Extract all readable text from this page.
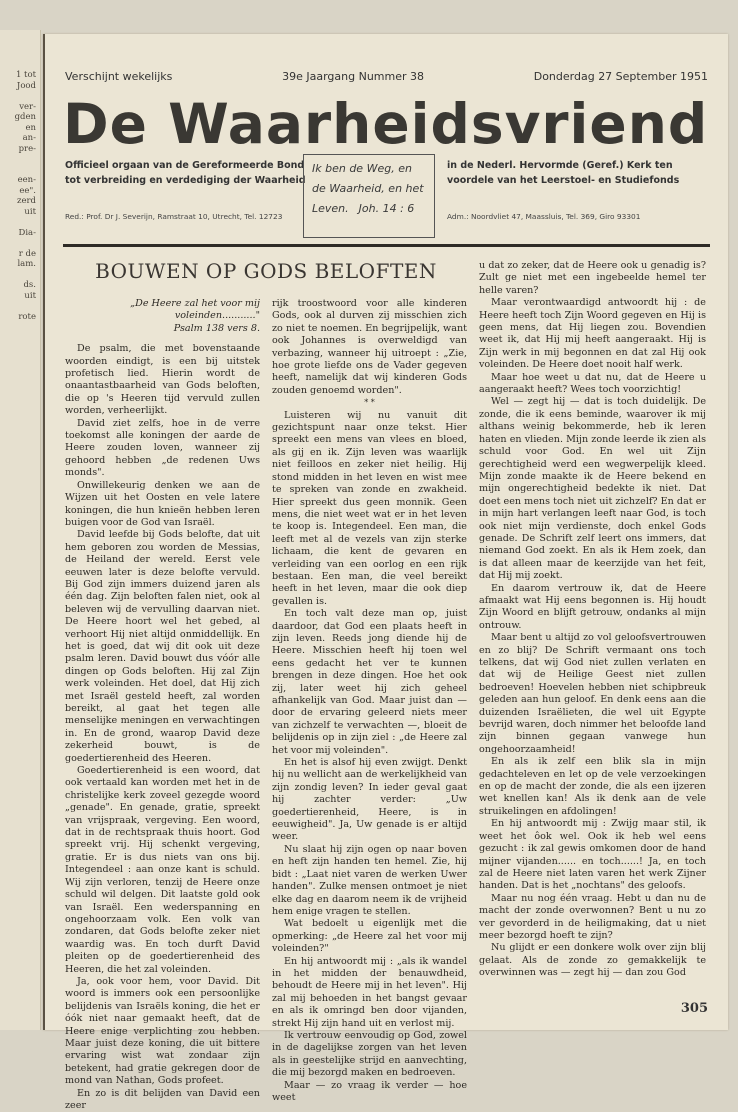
1 tot
Jood
ver-
gden
en
an-
pre-
een-
ee".
zerd
uit
Dia-
r de
lam.
ds.
uit
rote
Verschijnt wekelijks	39e Jaargang Nummer 38	Donderdag 27 September 1951
De Waarheidsvriend
Officieel orgaan van de Gereformeerde Bond tot verbreiding en verdediging der Waarheid
Ik ben de Weg, en
de Waarheid, en het
Leven. Joh. 14 : 6
in de Nederl. Hervormde (Geref.) Kerk ten voordele van het Leerstoel- en Studiefonds
Red.: Prof. Dr J. Severijn, Ramstraat 10, Utrecht, Tel. 12723	Adm.: Noordvliet 47, Maassluis, Tel. 369, Giro 93301
BOUWEN OP GODS BELOFTEN

„De Heere zal het voor mij
voleinden..........."

Psalm 138 vers 8.

De psalm, die met bovenstaande woorden eindigt, is een bij uitstek profetisch lied. Hierin wordt de onaantastbaarheid van Gods beloften, die op 's Heeren tijd vervuld zullen worden, verheerlijkt.

David ziet zelfs, hoe in de verre toekomst alle koningen der aarde de Heere zouden loven, wanneer zij gehoord hebben „de redenen Uws monds".

Onwillekeurig denken we aan de Wijzen uit het Oosten en vele latere koningen, die hun knieën hebben leren buigen voor de God van Israël.

David leefde bij Gods belofte, dat uit hem geboren zou worden de Messias, de Heiland der wereld. Eerst vele eeuwen later is deze belofte vervuld. Bij God zijn immers duizend jaren als één dag. Zijn beloften falen niet, ook al beleven wij de vervulling daarvan niet. De Heere hoort wel het gebed, al verhoort Hij niet altijd onmiddellijk. En het is goed, dat wij dit ook uit deze psalm leren. David bouwt dus vóór alle dingen op Gods beloften. Hij zal Zijn werk voleinden. Het doel, dat Hij zich met Israël gesteld heeft, zal worden bereikt, al gaat het tegen alle menselijke meningen en verwachtingen in. En de grond, waarop David deze zekerheid bouwt, is de goedertierenheid des Heeren.

Goedertierenheid is een woord, dat ook vertaald kan worden met het in de christelijke kerk zoveel gezegde woord „genade". En genade, gratie, spreekt van vrijspraak, vergeving. Een woord, dat in de rechtspraak thuis hoort. God spreekt vrij. Hij schenkt vergeving, gratie. Er is dus niets van ons bij. Integendeel : aan onze kant is schuld. Wij zijn verloren, tenzij de Heere onze schuld wil delgen. Dit laatste gold ook van Israël. Een wederspanning en ongehoorzaam volk. Een volk van zondaren, dat Gods belofte zeker niet waardig was. En toch durft David pleiten op de goedertierenheid des Heeren, die het zal voleinden.

Ja, ook voor hem, voor David. Dit woord is immers ook een persoonlijke belijdenis van Israëls koning, die het er óók niet naar gemaakt heeft, dat de Heere enige verplichting zou hebben. Maar juist deze koning, die uit bittere ervaring wist wat zondaar zijn betekent, had gratie gekregen door de mond van Nathan, Gods profeet.

En zo is dit belijden van David een zeer

rijk troostwoord voor alle kinderen Gods, ook al durven zij misschien zich zo niet te noemen. En begrijpelijk, want ook Johannes is overweldigd van verbazing, wanneer hij uitroept : „Zie, hoe grote liefde ons de Vader gegeven heeft, namelijk dat wij kinderen Gods zouden genoemd worden".

* *

Luisteren wij nu vanuit dit gezichtspunt naar onze tekst. Hier spreekt een mens van vlees en bloed, als gij en ik. Zijn leven was waarlijk niet feilloos en zeker niet heilig. Hij stond midden in het leven en wist mee te spreken van zonde en zwakheid. Hier spreekt dus geen monnik. Geen mens, die niet weet wat er in het leven te koop is. Integendeel. Een man, die leeft met al de vezels van zijn sterke lichaam, die kent de gevaren en verleiding van een oorlog en een rijk bestaan. Een man, die veel bereikt heeft in het leven, maar die ook diep gevallen is.

En toch valt deze man op, juist daardoor, dat God een plaats heeft in zijn leven. Reeds jong diende hij de Heere. Misschien heeft hij toen wel eens gedacht het ver te kunnen brengen in deze dingen. Hoe het ook zij, later weet hij zich geheel afhankelijk van God. Maar juist dan — door de ervaring geleerd niets meer van zichzelf te verwachten —, bloeit de belijdenis op in zijn ziel : „de Heere zal het voor mij voleinden".

En het is alsof hij even zwijgt. Denkt hij nu wellicht aan de werkelijkheid van zijn zondig leven? In ieder geval gaat hij zachter verder: „Uw goedertierenheid, Heere, is in eeuwigheid". Ja, Uw genade is er altijd weer.

Nu slaat hij zijn ogen op naar boven en heft zijn handen ten hemel. Zie, hij bidt : „Laat niet varen de werken Uwer handen". Zulke mensen ontmoet je niet elke dag en daarom neem ik de vrijheid hem enige vragen te stellen.

Wat bedoelt u eigenlijk met die opmerking: „de Heere zal het voor mij voleinden?"

En hij antwoordt mij : „als ik wandel in het midden der benauwdheid, behoudt de Heere mij in het leven". Hij zal mij behoeden in het bangst gevaar en als ik omringd ben door vijanden, strekt Hij zijn hand uit en verlost mij.

Ik vertrouw eenvoudig op God, zowel in de dagelijkse zorgen van het leven als in geestelijke strijd en aanvechting, die mij bezorgd maken en bedroeven.

Maar — zo vraag ik verder — hoe weet

u dat zo zeker, dat de Heere ook u genadig is? Zult ge niet met een ingebeelde hemel ter helle varen?

Maar verontwaardigd antwoordt hij : de Heere heeft toch Zijn Woord gegeven en Hij is geen mens, dat Hij liegen zou. Bovendien weet ik, dat Hij mij heeft aangeraakt. Hij is Zijn werk in mij begonnen en dat zal Hij ook voleinden. De Heere doet nooit half werk.

Maar hoe weet u dat nu, dat de Heere u aangeraakt heeft? Wees toch voorzichtig!

Wel — zegt hij — dat is toch duidelijk. De zonde, die ik eens beminde, waarover ik mij althans weinig bekommerde, heb ik leren haten en vlieden. Mijn zonde leerde ik zien als schuld voor God. En wel uit Zijn gerechtigheid werd een wegwerpelijk kleed. Mijn zonde maakte ik de Heere bekend en mijn ongerechtigheid bedekte ik niet. Dat doet een mens toch niet uit zichzelf? En dat er in mijn hart verlangen leeft naar God, is toch ook niet mijn verdienste, doch enkel Gods genade. De Schrift zelf leert ons immers, dat niemand God zoekt. En als ik Hem zoek, dan is dat alleen maar de keerzijde van het feit, dat Hij mij zoekt.

En daarom vertrouw ik, dat de Heere afmaakt wat Hij eens begonnen is. Hij houdt Zijn Woord en blijft getrouw, ondanks al mijn ontrouw.

Maar bent u altijd zo vol geloofsvertrouwen en zo blij? De Schrift vermaant ons toch telkens, dat wij God niet zullen verlaten en dat wij de Heilige Geest niet zullen bedroeven! Hoevelen hebben niet schipbreuk geleden aan hun geloof. En denk eens aan die duizenden Israëlieten, die wel uit Egypte bevrijd waren, doch nimmer het beloofde land zijn binnen gegaan vanwege hun ongehoorzaamheid!

En als ik zelf een blik sla in mijn gedachteleven en let op de vele verzoekingen en op de macht der zonde, die als een ijzeren wet knellen kan! Als ik denk aan de vele struikelingen en afdolingen!

En hij antwoordt mij : Zwijg maar stil, ik weet het ôok wel. Ook ik heb wel eens gezucht : ik zal gewis omkomen door de hand mijner vijanden...... en toch......! Ja, en toch zal de Heere niet laten varen het werk Zijner handen. Dat is het „nochtans" des geloofs.

Maar nu nog één vraag. Hebt u dan nu de macht der zonde overwonnen? Bent u nu zo ver gevorderd in de heiligmaking, dat u niet meer bezorgd hoeft te zijn?

Nu glijdt er een donkere wolk over zijn blij gelaat. Als de zonde zo gemakkelijk te overwinnen was — zegt hij — dan zou God

305
